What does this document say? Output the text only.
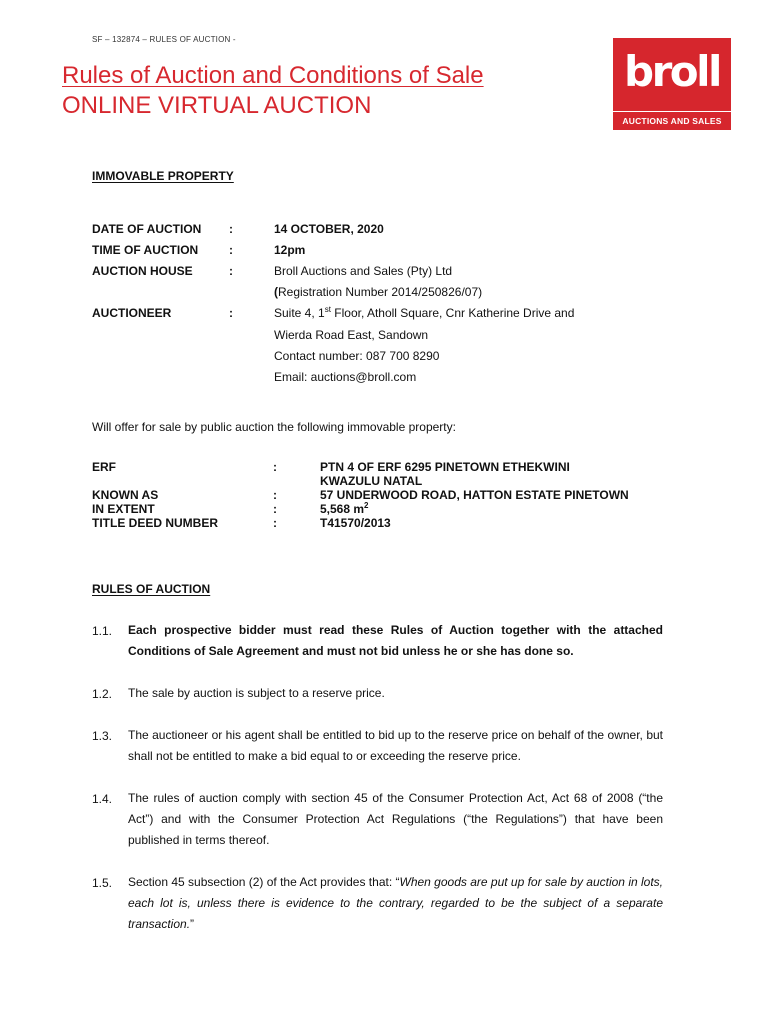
SF – 132874 – RULES OF AUCTION -
Rules of Auction and Conditions of Sale
ONLINE VIRTUAL AUCTION
broll
AUCTIONS AND SALES
IMMOVABLE PROPERTY
DATE OF AUCTION :	14 OCTOBER, 2020
TIME OF AUCTION	:	12pm
AUCTION HOUSE	:	Broll Auctions and Sales (Pty) Ltd
(Registration Number 2014/250826/07)
AUCTIONEER	:	Suite 4, 1st Floor, Atholl Square, Cnr Katherine Drive and
Wierda Road East, Sandown
Contact number: 087 700 8290
Email: auctions@broll.com
Will offer for sale by public auction the following immovable property:
ERF	:	PTN 4 OF ERF 6295 PINETOWN ETHEKWINI
KWAZULU NATAL
KNOWN AS	:	57 UNDERWOOD ROAD, HATTON ESTATE PINETOWN
IN EXTENT	:	5,568 $m^2$
TITLE DEED NUMBER	:	T41570/2013
RULES OF AUCTION
1.1. Each prospective bidder must read these Rules of Auction together with the attached Conditions of Sale Agreement and must not bid unless he or she has done so.
1.2. The sale by auction is subject to a reserve price.
1.3. The auctioneer or his agent shall be entitled to bid up to the reserve price on behalf of the owner, but shall not be entitled to make a bid equal to or exceeding the reserve price.
1.4. The rules of auction comply with section 45 of the Consumer Protection Act, Act 68 of 2008 (“the Act”) and with the Consumer Protection Act Regulations (“the Regulations”) that have been published in terms thereof.
1.5. Section 45 subsection (2) of the Act provides that: “When goods are put up for sale by auction in lots, each lot is, unless there is evidence to the contrary, regarded to be the subject of a separate transaction.”
